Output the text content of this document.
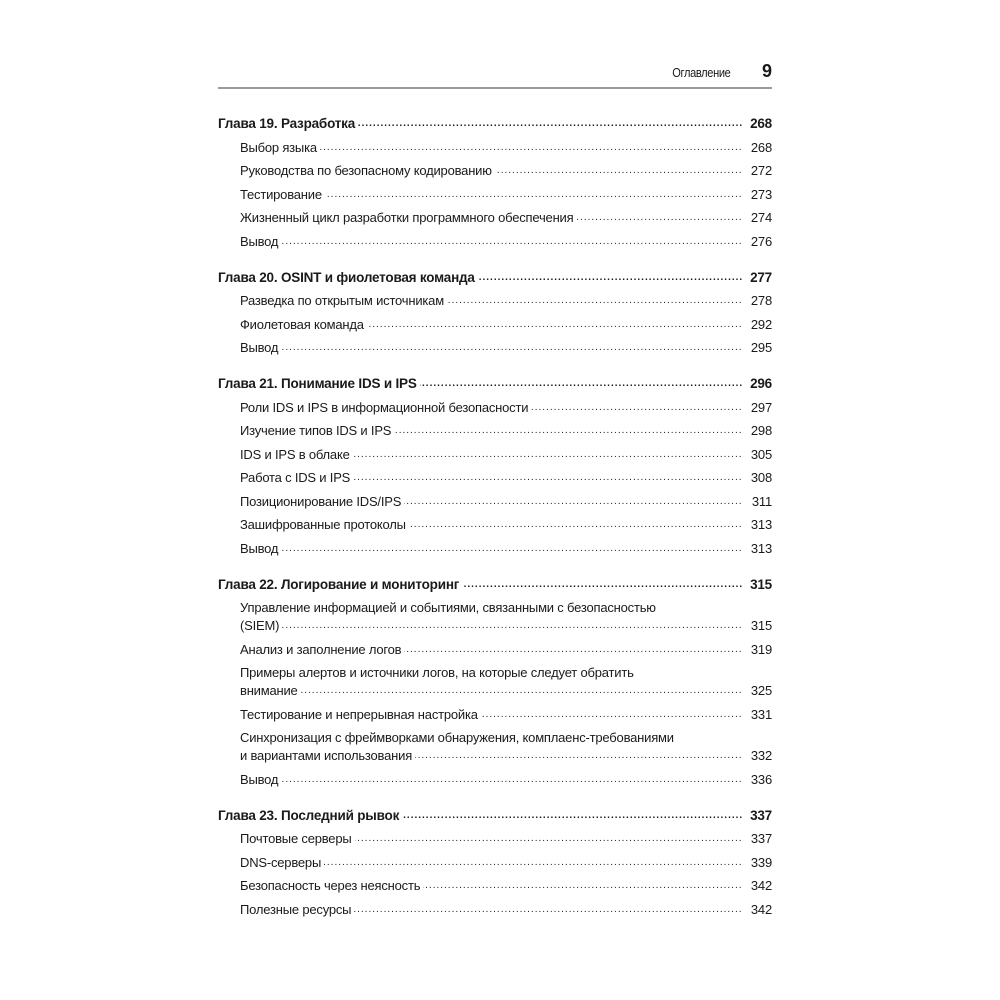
Оглавление 9
.....
Глава 19. Разработка	268
.....
Выбор языка	268
.....
Руководства по безопасному кодированию	272
.....
Тестирование	273
.....
Жизненный цикл разработки программного обеспечения	274
.....
Вывод	276
.....
Глава 20. OSINT и фиолетовая команда	277
.....
Разведка по открытым источникам	278
.....
Фиолетовая команда	292
.....
Вывод	295
.....
Глава 21. Понимание IDS и IPS	296
.....
Роли IDS и IPS в информационной безопасности	297
.....
Изучение типов IDS и IPS	298
.....
IDS и IPS в облаке	305
.....
Работа с IDS и IPS	308
.....
Позиционирование IDS/IPS	311
.....
Зашифрованные протоколы	313
.....
Вывод	313
.....
Глава 22. Логирование и мониторинг	315
.....
Управление информацией и событиями, связанными с безопасностью
(SIEM)	315
.....
Анализ и заполнение логов	319
.....
Примеры алертов и источники логов, на которые следует обратить
внимание	325
.....
Тестирование и непрерывная настройка	331
.....
Синхронизация с фреймворками обнаружения, комплаенс-требованиями
и вариантами использования	332
.....
Вывод	336
.....
Глава 23. Последний рывок	337
.....
Почтовые серверы	337
.....
DNS-серверы	339
.....
Безопасность через неясность	342
.....
Полезные ресурсы	342
